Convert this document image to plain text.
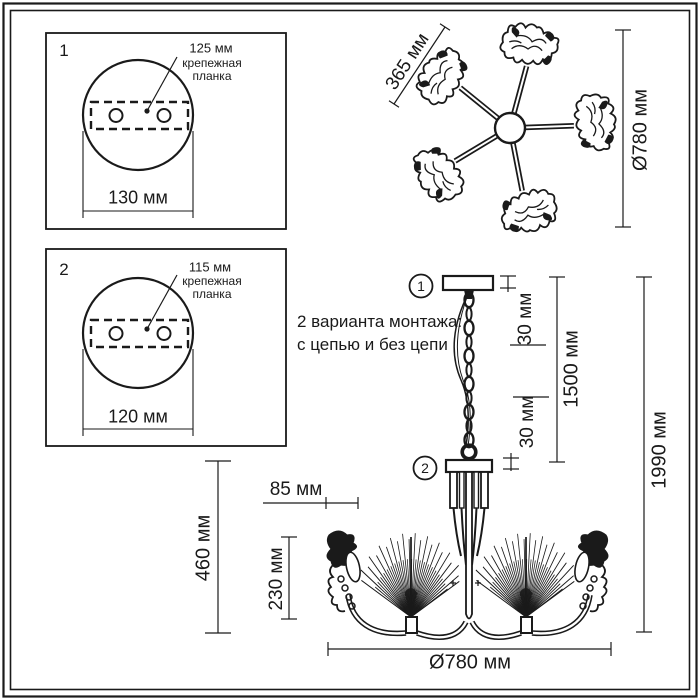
1	125 мм
крепежная планка
130 мм
2	115 мм
крепежная планка
120 мм
365 мм
Ø780 мм
2 варианта монтажа:
с цепью и без цепи
1
2
30 мм
30 мм
1500 мм
1990 мм
85 мм
230 мм
460 мм
Ø780 мм
